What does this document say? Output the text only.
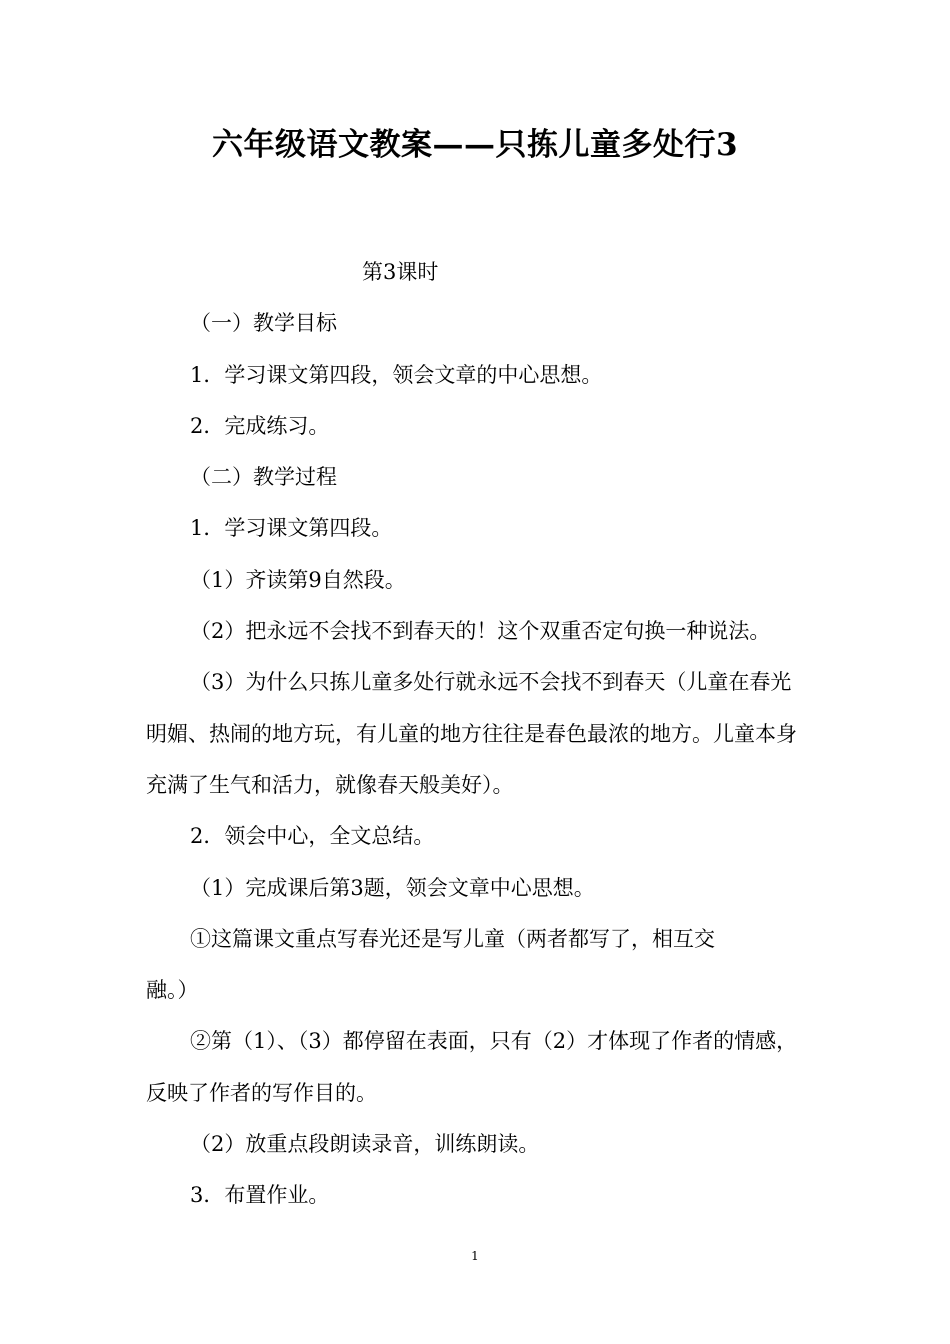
六年级语文教案——只拣儿童多处行3

第3课时

（一）教学目标

1．学习课文第四段，领会文章的中心思想。

2．完成练习。

（二）教学过程

1．学习课文第四段。

（1）齐读第9自然段。

（2）把永远不会找不到春天的！这个双重否定句换一种说法。

（3）为什么只拣儿童多处行就永远不会找不到春天（儿童在春光明媚、热闹的地方玩，有儿童的地方往往是春色最浓的地方。儿童本身充满了生气和活力，就像春天般美好）。

2．领会中心，全文总结。

（1）完成课后第3题，领会文章中心思想。

①这篇课文重点写春光还是写儿童（两者都写了，相互交融。）

②第（1）、（3）都停留在表面，只有（2）才体现了作者的情感，反映了作者的写作目的。

（2）放重点段朗读录音，训练朗读。

3．布置作业。

1
